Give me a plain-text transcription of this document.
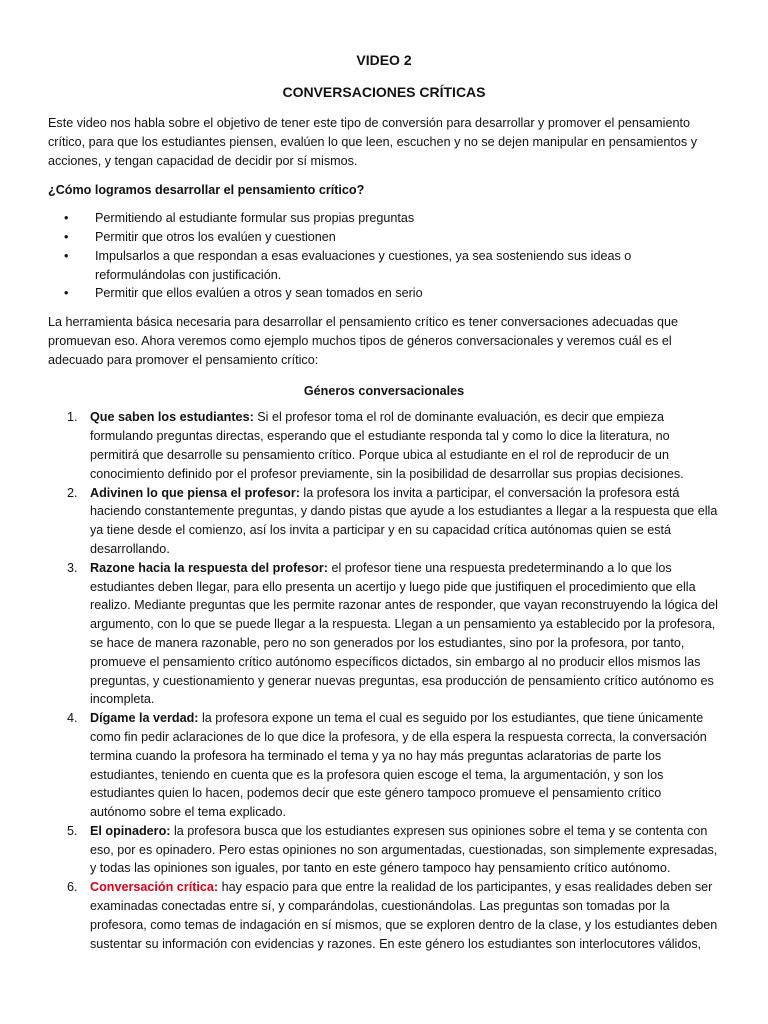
VIDEO 2
CONVERSACIONES CRÍTICAS

Este video nos habla sobre el objetivo de tener este tipo de conversión para desarrollar y promover el pensamiento crítico, para que los estudiantes piensen, evalúen lo que leen, escuchen y no se dejen manipular en pensamientos y acciones, y tengan capacidad de decidir por sí mismos.

¿Cómo logramos desarrollar el pensamiento crítico?

• Permitiendo al estudiante formular sus propias preguntas
• Permitir que otros los evalúen y cuestionen
• Impulsarlos a que respondan a esas evaluaciones y cuestiones, ya sea sosteniendo sus ideas o reformulándolas con justificación.
• Permitir que ellos evalúen a otros y sean tomados en serio

La herramienta básica necesaria para desarrollar el pensamiento crítico es tener conversaciones adecuadas que promuevan eso. Ahora veremos como ejemplo muchos tipos de géneros conversacionales y veremos cuál es el adecuado para promover el pensamiento crítico:

Géneros conversacionales
1. Que saben los estudiantes: Si el profesor toma el rol de dominante evaluación, es decir que empieza formulando preguntas directas, esperando que el estudiante responda tal y como lo dice la literatura, no permitirá que desarrolle su pensamiento crítico. Porque ubica al estudiante en el rol de reproducir de un conocimiento definido por el profesor previamente, sin la posibilidad de desarrollar sus propias decisiones.
2. Adivinen lo que piensa el profesor: la profesora los invita a participar, el conversación la profesora está haciendo constantemente preguntas, y dando pistas que ayude a los estudiantes a llegar a la respuesta que ella ya tiene desde el comienzo, así los invita a participar y en su capacidad crítica autónomas quien se está desarrollando.
3. Razone hacia la respuesta del profesor: el profesor tiene una respuesta predeterminando a lo que los estudiantes deben llegar, para ello presenta un acertijo y luego pide que justifiquen el procedimiento que ella realizo. Mediante preguntas que les permite razonar antes de responder, que vayan reconstruyendo la lógica del argumento, con lo que se puede llegar a la respuesta. Llegan a un pensamiento ya establecido por la profesora, se hace de manera razonable, pero no son generados por los estudiantes, sino por la profesora, por tanto, promueve el pensamiento crítico autónomo específicos dictados, sin embargo al no producir ellos mismos las preguntas, y cuestionamiento y generar nuevas preguntas, esa producción de pensamiento crítico autónomo es incompleta.
4. Dígame la verdad: la profesora expone un tema el cual es seguido por los estudiantes, que tiene únicamente como fin pedir aclaraciones de lo que dice la profesora, y de ella espera la respuesta correcta, la conversación termina cuando la profesora ha terminado el tema y ya no hay más preguntas aclaratorias de parte los estudiantes, teniendo en cuenta que es la profesora quien escoge el tema, la argumentación, y son los estudiantes quien lo hacen, podemos decir que este género tampoco promueve el pensamiento crítico autónomo sobre el tema explicado.
5. El opinadero: la profesora busca que los estudiantes expresen sus opiniones sobre el tema y se contenta con eso, por es opinadero. Pero estas opiniones no son argumentadas, cuestionadas, son simplemente expresadas, y todas las opiniones son iguales, por tanto en este género tampoco hay pensamiento crítico autónomo.
6. Conversación crítica: hay espacio para que entre la realidad de los participantes, y esas realidades deben ser examinadas conectadas entre sí, y comparándolas, cuestionándolas. Las preguntas son tomadas por la profesora, como temas de indagación en sí mismos, que se exploren dentro de la clase, y los estudiantes deben sustentar su información con evidencias y razones. En este género los estudiantes son interlocutores válidos,
